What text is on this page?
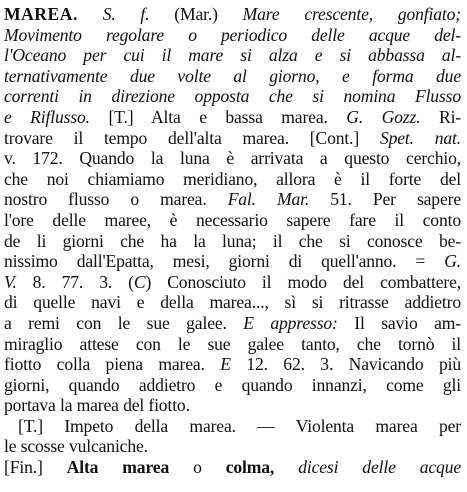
MAREA. S. f. (Mar.) Mare crescente, gonfiato;
Movimento regolare o periodico delle acque del-
l'Oceano per cui il mare si alza e si abbassa al-
ternativamente due volte al giorno, e forma due
correnti in direzione opposta che si nomina Flusso
e Riflusso. [T.] Alta e bassa marea. G. Gozz. Ri-
trovare il tempo dell'alta marea. [Cont.] Spet. nat.
v. 172. Quando la luna è arrivata a questo cerchio,
che noi chiamiamo meridiano, allora è il forte del
nostro flusso o marea. Fal. Mar. 51. Per sapere
l'ore delle maree, è necessario sapere fare il conto
de li giorni che ha la luna; il che si conosce be-
nissimo dall'Epatta, mesi, giorni di quell'anno. = G.
V. 8. 77. 3. (C) Conosciuto il modo del combattere,
di quelle navi e della marea..., sì si ritrasse addietro
a remi con le sue galee. E appresso: Il savio am-
miraglio attese con le sue galee tanto, che tornò il
fiotto colla piena marea. E 12. 62. 3. Navicando più
giorni, quando addietro e quando innanzi, come gli
portava la marea del fiotto.
[T.] Impeto della marea. — Violenta marea per
le scosse vulcaniche.
[Fin.] Alta marea o colma, dicesi delle acque
